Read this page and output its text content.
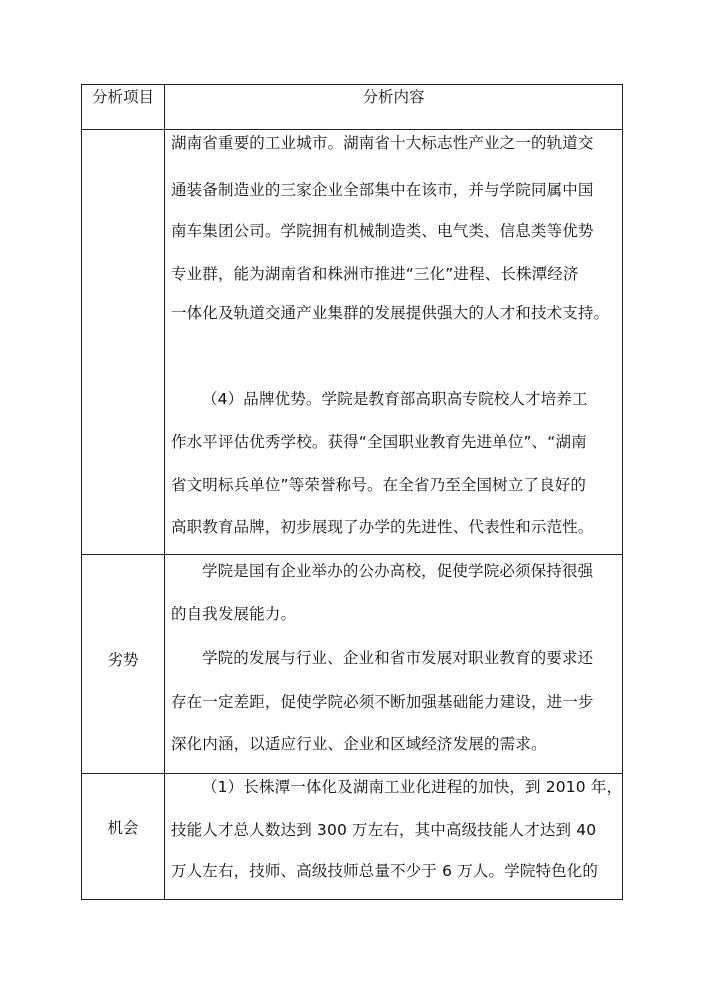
分析项目	分析内容
湖南省重要的工业城市。湖南省十大标志性产业之一的轨道交
通装备制造业的三家企业全部集中在该市，并与学院同属中国
南车集团公司。学院拥有机械制造类、电气类、信息类等优势
专业群，能为湖南省和株洲市推进“三化”进程、长株潭经济
一体化及轨道交通产业集群的发展提供强大的人才和技术支持。
（4）品牌优势。学院是教育部高职高专院校人才培养工
作水平评估优秀学校。获得“全国职业教育先进单位”、“湖南
省文明标兵单位”等荣誉称号。在全省乃至全国树立了良好的
高职教育品牌，初步展现了办学的先进性、代表性和示范性。
劣势
学院是国有企业举办的公办高校，促使学院必须保持很强
的自我发展能力。
学院的发展与行业、企业和省市发展对职业教育的要求还
存在一定差距，促使学院必须不断加强基础能力建设，进一步
深化内涵，以适应行业、企业和区域经济发展的需求。
机会
（1）长株潭一体化及湖南工业化进程的加快，到 2010 年，
技能人才总人数达到 300 万左右，其中高级技能人才达到 40
万人左右，技师、高级技师总量不少于 6 万人。学院特色化的
